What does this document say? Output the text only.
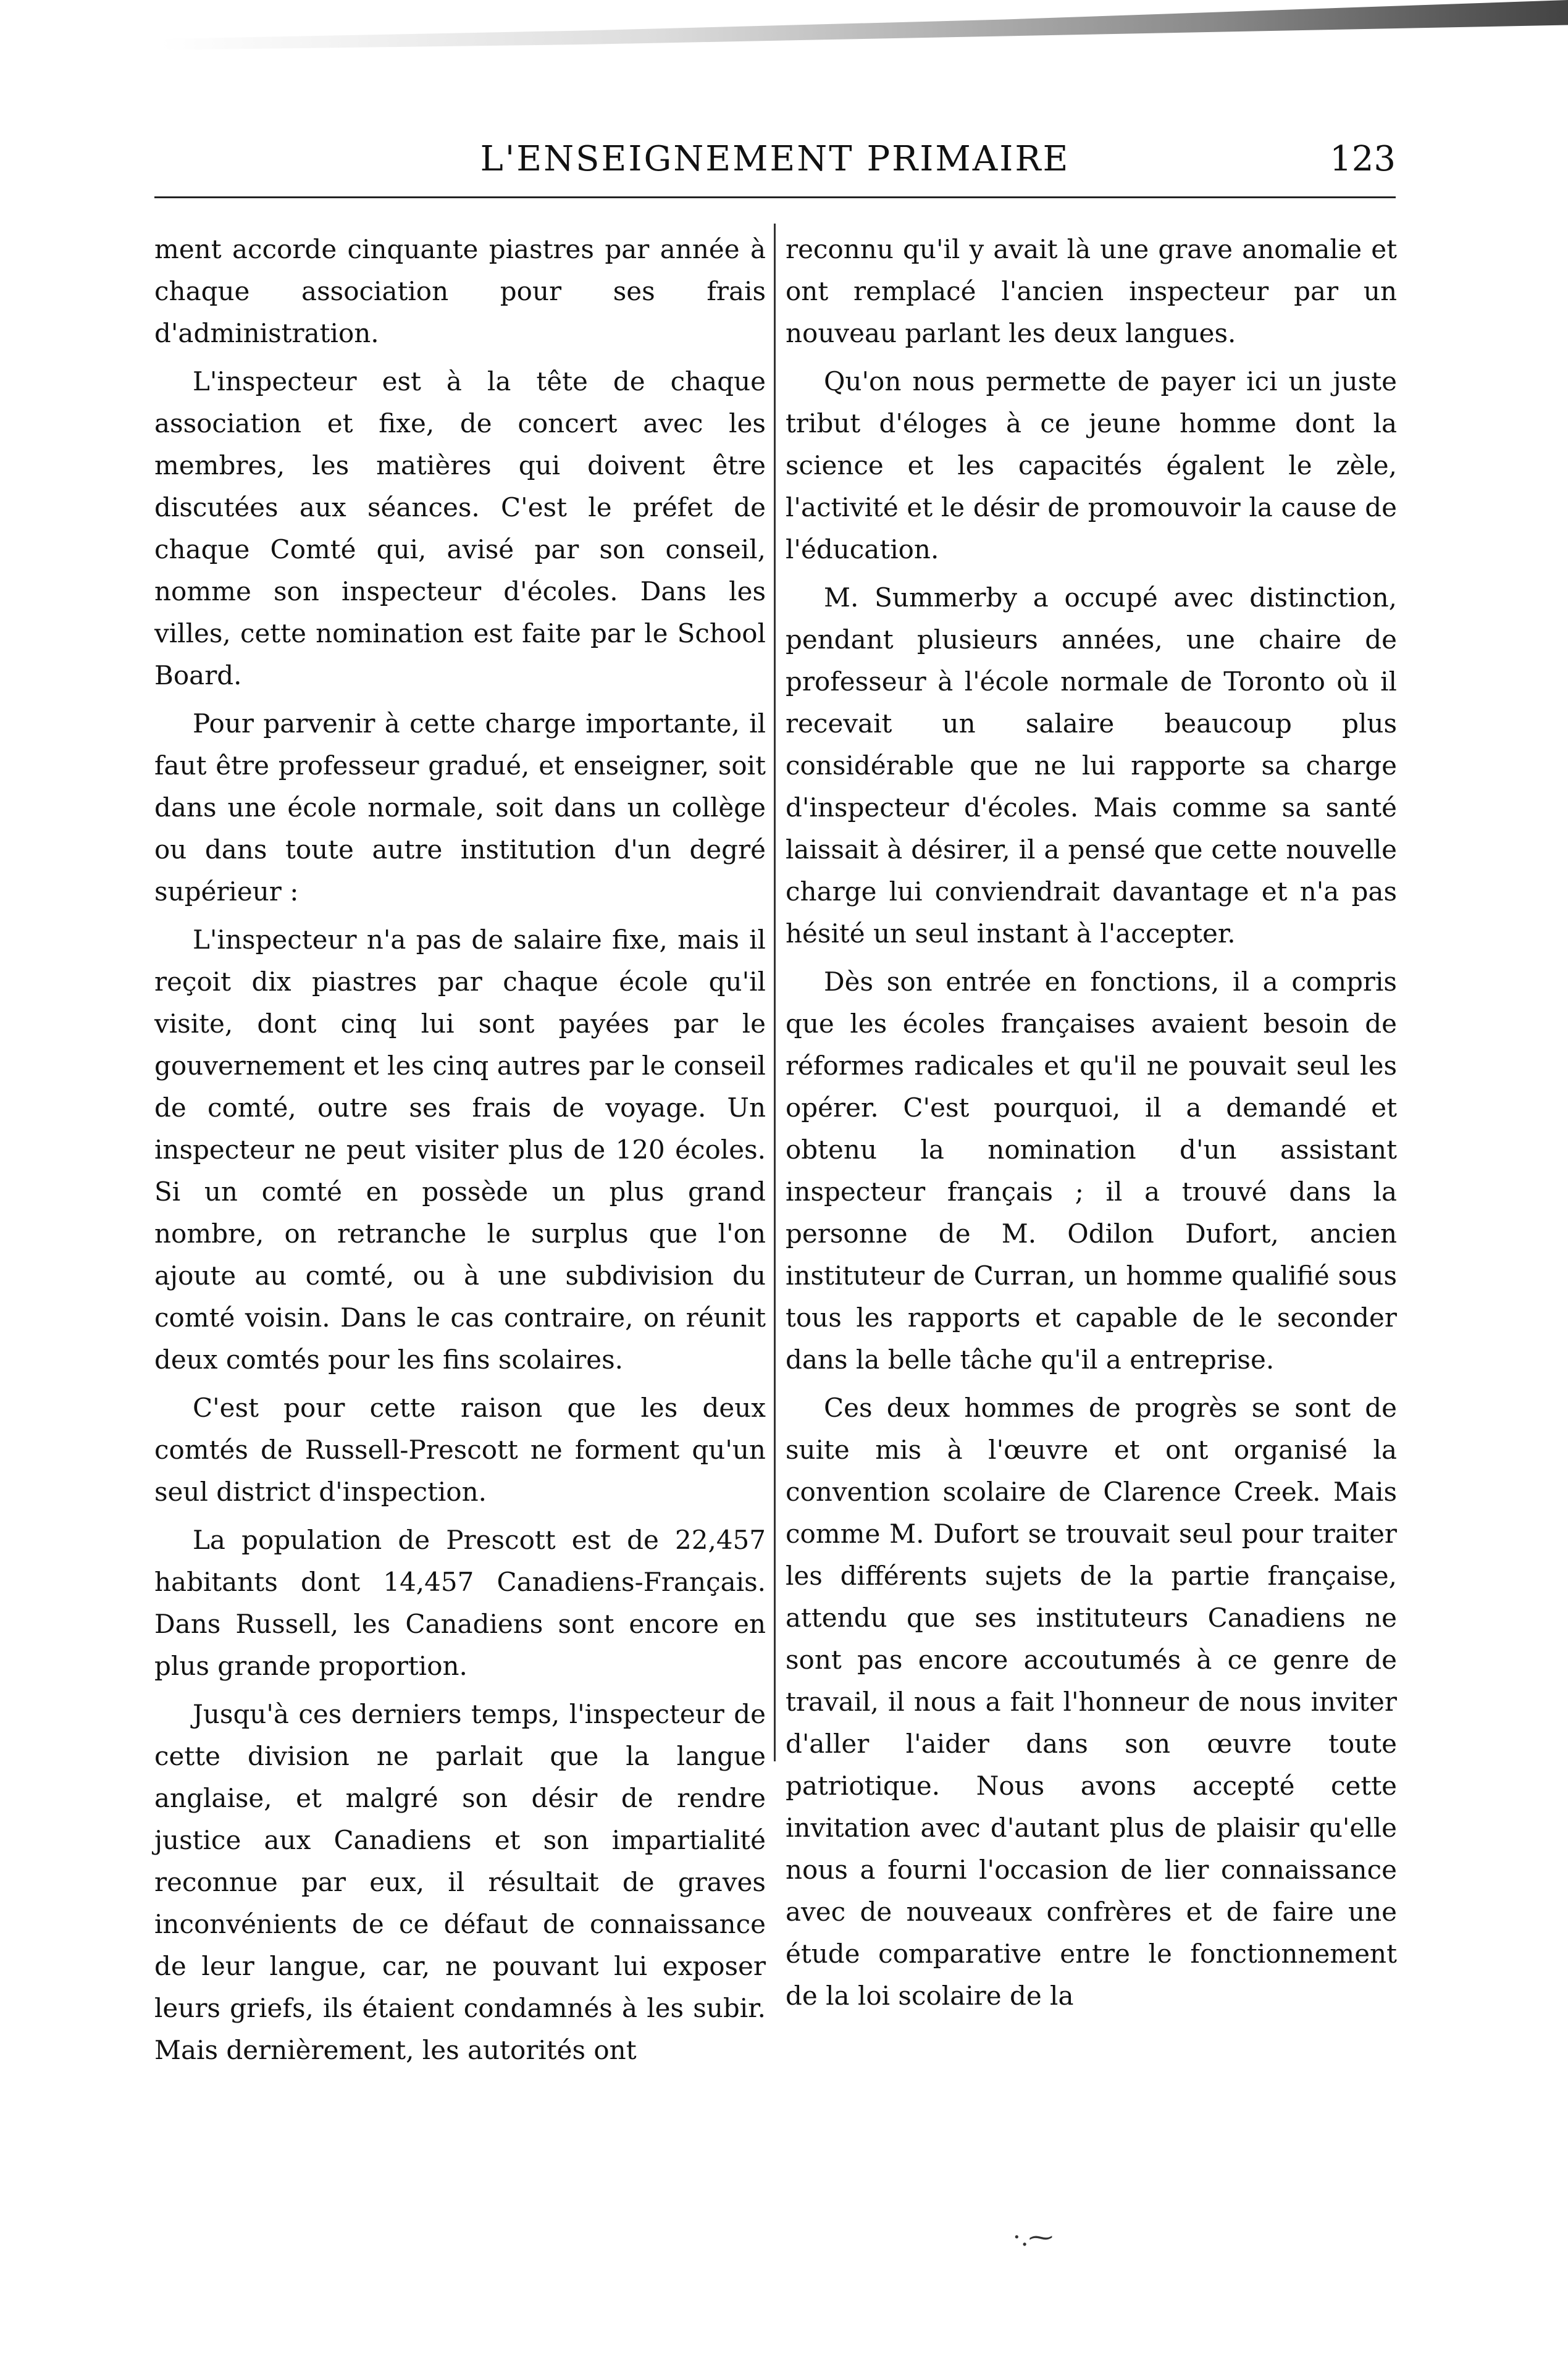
L'ENSEIGNEMENT PRIMAIRE	123

ment accorde cinquante piastres par année à chaque association pour ses frais d'administration.

L'inspecteur est à la tête de chaque association et fixe, de concert avec les membres, les matières qui doivent être discutées aux séances. C'est le préfet de chaque Comté qui, avisé par son conseil, nomme son inspecteur d'écoles. Dans les villes, cette nomination est faite par le School Board.

Pour parvenir à cette charge importante, il faut être professeur gradué, et enseigner, soit dans une école normale, soit dans un collège ou dans toute autre institution d'un degré supérieur :

L'inspecteur n'a pas de salaire fixe, mais il reçoit dix piastres par chaque école qu'il visite, dont cinq lui sont payées par le gouvernement et les cinq autres par le conseil de comté, outre ses frais de voyage. Un inspecteur ne peut visiter plus de 120 écoles. Si un comté en possède un plus grand nombre, on retranche le surplus que l'on ajoute au comté, ou à une subdivision du comté voisin. Dans le cas contraire, on réunit deux comtés pour les fins scolaires.

C'est pour cette raison que les deux comtés de Russell-Prescott ne forment qu'un seul district d'inspection.

La population de Prescott est de 22,457 habitants dont 14,457 Canadiens-Français. Dans Russell, les Canadiens sont encore en plus grande proportion.

Jusqu'à ces derniers temps, l'inspecteur de cette division ne parlait que la langue anglaise, et malgré son désir de rendre justice aux Canadiens et son impartialité reconnue par eux, il résultait de graves inconvénients de ce défaut de connaissance de leur langue, car, ne pouvant lui exposer leurs griefs, ils étaient condamnés à les subir. Mais dernièrement, les autorités ont

reconnu qu'il y avait là une grave anomalie et ont remplacé l'ancien inspecteur par un nouveau parlant les deux langues.

Qu'on nous permette de payer ici un juste tribut d'éloges à ce jeune homme dont la science et les capacités égalent le zèle, l'activité et le désir de promouvoir la cause de l'éducation.

M. Summerby a occupé avec distinction, pendant plusieurs années, une chaire de professeur à l'école normale de Toronto où il recevait un salaire beaucoup plus considérable que ne lui rapporte sa charge d'inspecteur d'écoles. Mais comme sa santé laissait à désirer, il a pensé que cette nouvelle charge lui conviendrait davantage et n'a pas hésité un seul instant à l'accepter.

Dès son entrée en fonctions, il a compris que les écoles françaises avaient besoin de réformes radicales et qu'il ne pouvait seul les opérer. C'est pourquoi, il a demandé et obtenu la nomination d'un assistant inspecteur français ; il a trouvé dans la personne de M. Odilon Dufort, ancien instituteur de Curran, un homme qualifié sous tous les rapports et capable de le seconder dans la belle tâche qu'il a entreprise.

Ces deux hommes de progrès se sont de suite mis à l'œuvre et ont organisé la convention scolaire de Clarence Creek. Mais comme M. Dufort se trouvait seul pour traiter les différents sujets de la partie française, attendu que ses instituteurs Canadiens ne sont pas encore accoutumés à ce genre de travail, il nous a fait l'honneur de nous inviter d'aller l'aider dans son œuvre toute patriotique. Nous avons accepté cette invitation avec d'autant plus de plaisir qu'elle nous a fourni l'occasion de lier connaissance avec de nouveaux confrères et de faire une étude comparative entre le fonctionnement de la loi scolaire de la

·.⁓
